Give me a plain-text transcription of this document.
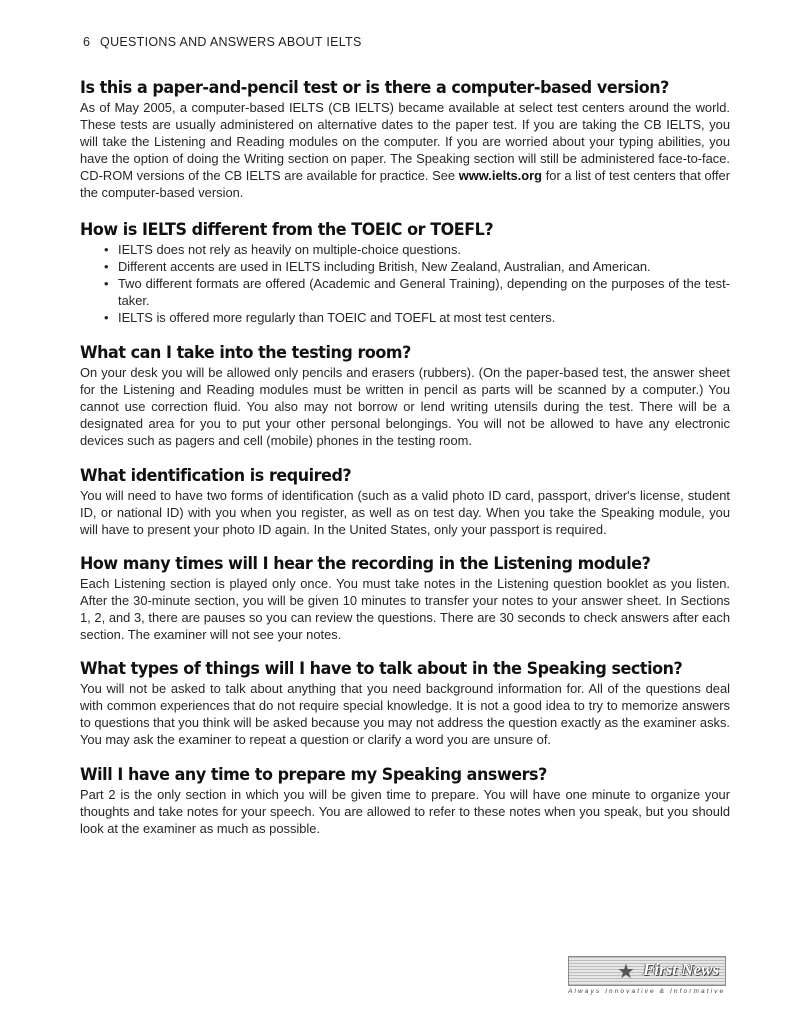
6 QUESTIONS AND ANSWERS ABOUT IELTS
Is this a paper-and-pencil test or is there a computer-based version?

As of May 2005, a computer-based IELTS (CB IELTS) became available at select test centers around the world. These tests are usually administered on alternative dates to the paper test. If you are taking the CB IELTS, you will take the Listening and Reading modules on the computer. If you are worried about your typing abilities, you have the option of doing the Writing section on paper. The Speaking section will still be administered face-to-face. CD-ROM versions of the CB IELTS are available for practice. See www.ielts.org for a list of test centers that offer the computer-based version.

How is IELTS different from the TOEIC or TOEFL?
• IELTS does not rely as heavily on multiple-choice questions.
• Different accents are used in IELTS including British, New Zealand, Australian, and American.
• Two different formats are offered (Academic and General Training), depending on the purposes of the test-taker.
• IELTS is offered more regularly than TOEIC and TOEFL at most test centers.
What can I take into the testing room?

On your desk you will be allowed only pencils and erasers (rubbers). (On the paper-based test, the answer sheet for the Listening and Reading modules must be written in pencil as parts will be scanned by a computer.) You cannot use correction fluid. You also may not borrow or lend writing utensils during the test. There will be a designated area for you to put your other personal belongings. You will not be allowed to have any electronic devices such as pagers and cell (mobile) phones in the testing room.

What identification is required?

You will need to have two forms of identification (such as a valid photo ID card, passport, driver's license, student ID, or national ID) with you when you register, as well as on test day. When you take the Speaking module, you will have to present your photo ID again. In the United States, only your passport is required.

How many times will I hear the recording in the Listening module?

Each Listening section is played only once. You must take notes in the Listening question booklet as you listen. After the 30-minute section, you will be given 10 minutes to transfer your notes to your answer sheet. In Sections 1, 2, and 3, there are pauses so you can review the questions. There are 30 seconds to check answers after each section. The examiner will not see your notes.

What types of things will I have to talk about in the Speaking section?

You will not be asked to talk about anything that you need background information for. All of the questions deal with common experiences that do not require special knowledge. It is not a good idea to try to memorize answers to questions that you think will be asked because you may not address the question exactly as the examiner asks. You may ask the examiner to repeat a question or clarify a word you are unsure of.

Will I have any time to prepare my Speaking answers?

Part 2 is the only section in which you will be given time to prepare. You will have one minute to organize your thoughts and take notes for your speech. You are allowed to refer to these notes when you speak, but you should look at the examiner as much as possible.

★ First News
Always Innovative & Informative
